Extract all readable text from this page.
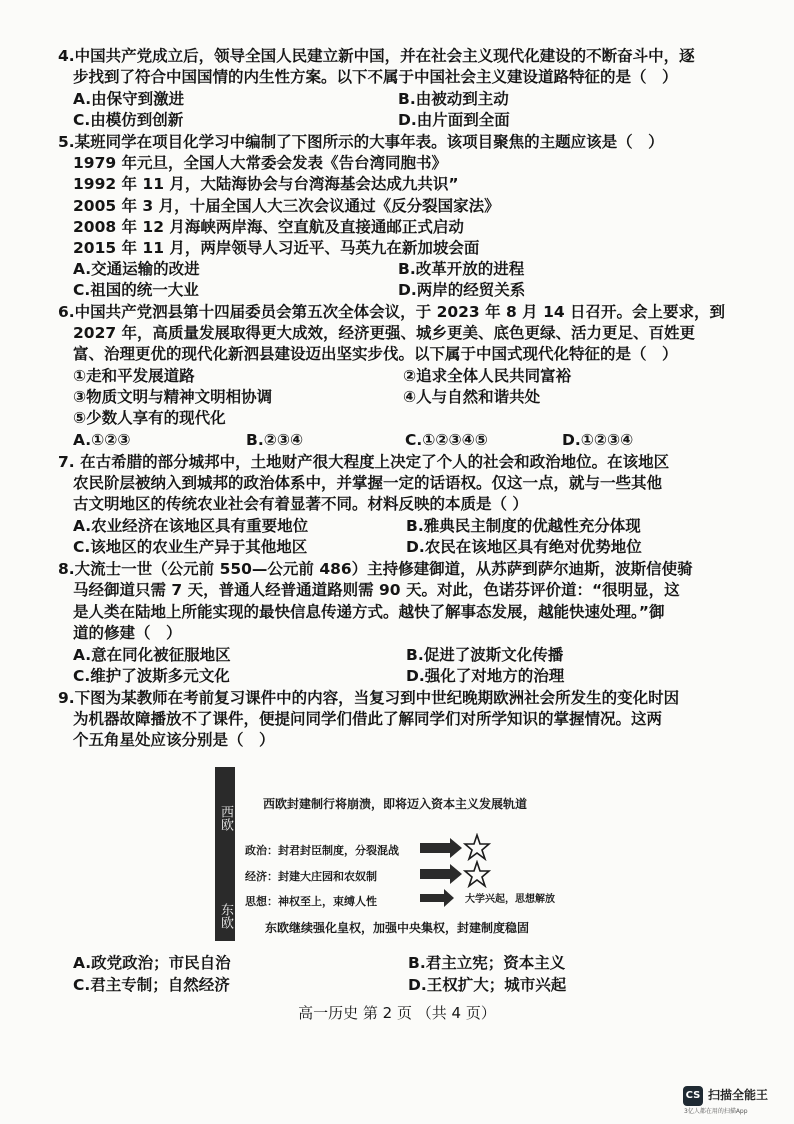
4.中国共产党成立后，领导全国人民建立新中国，并在社会主义现代化建设的不断奋斗中，逐
步找到了符合中国国情的内生性方案。以下不属于中国社会主义建设道路特征的是（　）
A.由保守到激进	B.由被动到主动
C.由模仿到创新	D.由片面到全面
5.某班同学在项目化学习中编制了下图所示的大事年表。该项目聚焦的主题应该是（　）
1979 年元旦，全国人大常委会发表《告台湾同胞书》
1992 年 11 月，大陆海协会与台湾海基会达成九共识”
2005 年 3 月，十届全国人大三次会议通过《反分裂国家法》
2008 年 12 月海峡两岸海、空直航及直接通邮正式启动
2015 年 11 月，两岸领导人习近平、马英九在新加坡会面
A.交通运输的改进	B.改革开放的进程
C.祖国的统一大业	D.两岸的经贸关系
6.中国共产党泗县第十四届委员会第五次全体会议，于 2023 年 8 月 14 日召开。会上要求，到
2027 年，高质量发展取得更大成效，经济更强、城乡更美、底色更绿、活力更足、百姓更
富、治理更优的现代化新泗县建设迈出坚实步伐。以下属于中国式现代化特征的是（　）
①走和平发展道路	②追求全体人民共同富裕
③物质文明与精神文明相协调	④人与自然和谐共处
⑤少数人享有的现代化
A.①②③	B.②③④	C.①②③④⑤	D.①②③④
7. 在古希腊的部分城邦中，土地财产很大程度上决定了个人的社会和政治地位。在该地区
农民阶层被纳入到城邦的政治体系中，并掌握一定的话语权。仅这一点，就与一些其他
古文明地区的传统农业社会有着显著不同。材料反映的本质是（ ）
A.农业经济在该地区具有重要地位	B.雅典民主制度的优越性充分体现
C.该地区的农业生产异于其他地区	D.农民在该地区具有绝对优势地位
8.大流士一世（公元前 550—公元前 486）主持修建御道，从苏萨到萨尔迪斯，波斯信使骑
马经御道只需 7 天，普通人经普通道路则需 90 天。对此，色诺芬评价道：“很明显，这
是人类在陆地上所能实现的最快信息传递方式。越快了解事态发展，越能快速处理。”御
道的修建（　）
A.意在同化被征服地区	B.促进了波斯文化传播
C.维护了波斯多元文化	D.强化了对地方的治理
9.下图为某教师在考前复习课件中的内容，当复习到中世纪晚期欧洲社会所发生的变化时因
为机器故障播放不了课件，便提问同学们借此了解同学们对所学知识的掌握情况。这两
个五角星处应该分别是（　）
西欧
东欧
西欧封建制行将崩溃，即将迈入资本主义发展轨道
政治：封君封臣制度，分裂混战
经济：封建大庄园和农奴制
思想：神权至上，束缚人性	大学兴起，思想解放
东欧继续强化皇权，加强中央集权，封建制度稳固
A.政党政治；市民自治	B.君主立宪；资本主义
C.君主专制；自然经济	D.王权扩大；城市兴起
高一历史 第 2 页 （共 4 页）
CS 扫描全能王
3亿人都在用的扫描App
